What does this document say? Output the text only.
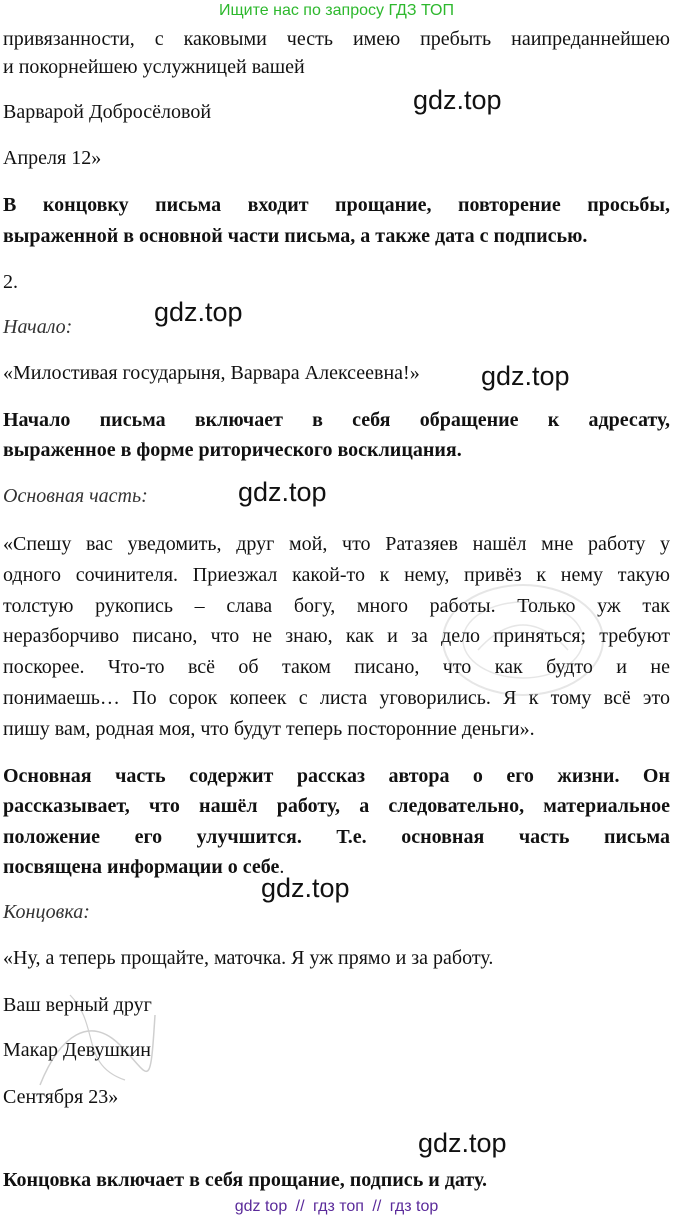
Ищите нас по запросу ГДЗ ТОП
привязанности, с каковыми честь имею пребыть наипреданнейшею
и покорнейшею услужницей вашей
Варварой Добросёловой
Апреля 12»
В концовку письма входит прощание, повторение просьбы,
выраженной в основной части письма, а также дата с подписью.
2.
Начало:
«Милостивая государыня, Варвара Алексеевна!»
Начало письма включает в себя обращение к адресату,
выраженное в форме риторического восклицания.
Основная часть:
«Спешу вас уведомить, друг мой, что Ратазяев нашёл мне работу у
одного сочинителя. Приезжал какой-то к нему, привёз к нему такую
толстую рукопись – слава богу, много работы. Только уж так
неразборчиво писано, что не знаю, как и за дело приняться; требуют
поскорее. Что-то всё об таком писано, что как будто и не
понимаешь… По сорок копеек с листа уговорились. Я к тому всё это
пишу вам, родная моя, что будут теперь посторонние деньги».
Основная часть содержит рассказ автора о его жизни. Он
рассказывает, что нашёл работу, а следовательно, материальное
положение его улучшится. Т.е. основная часть письма
посвящена информации о себе.
Концовка:
«Ну, а теперь прощайте, маточка. Я уж прямо и за работу.
Ваш верный друг
Макар Девушкин
Сентября 23»
Концовка включает в себя прощание, подпись и дату.
gdz.top
gdz.top
gdz.top
gdz.top
gdz.top
gdz.top
gdz top // гдз топ // гдз top
